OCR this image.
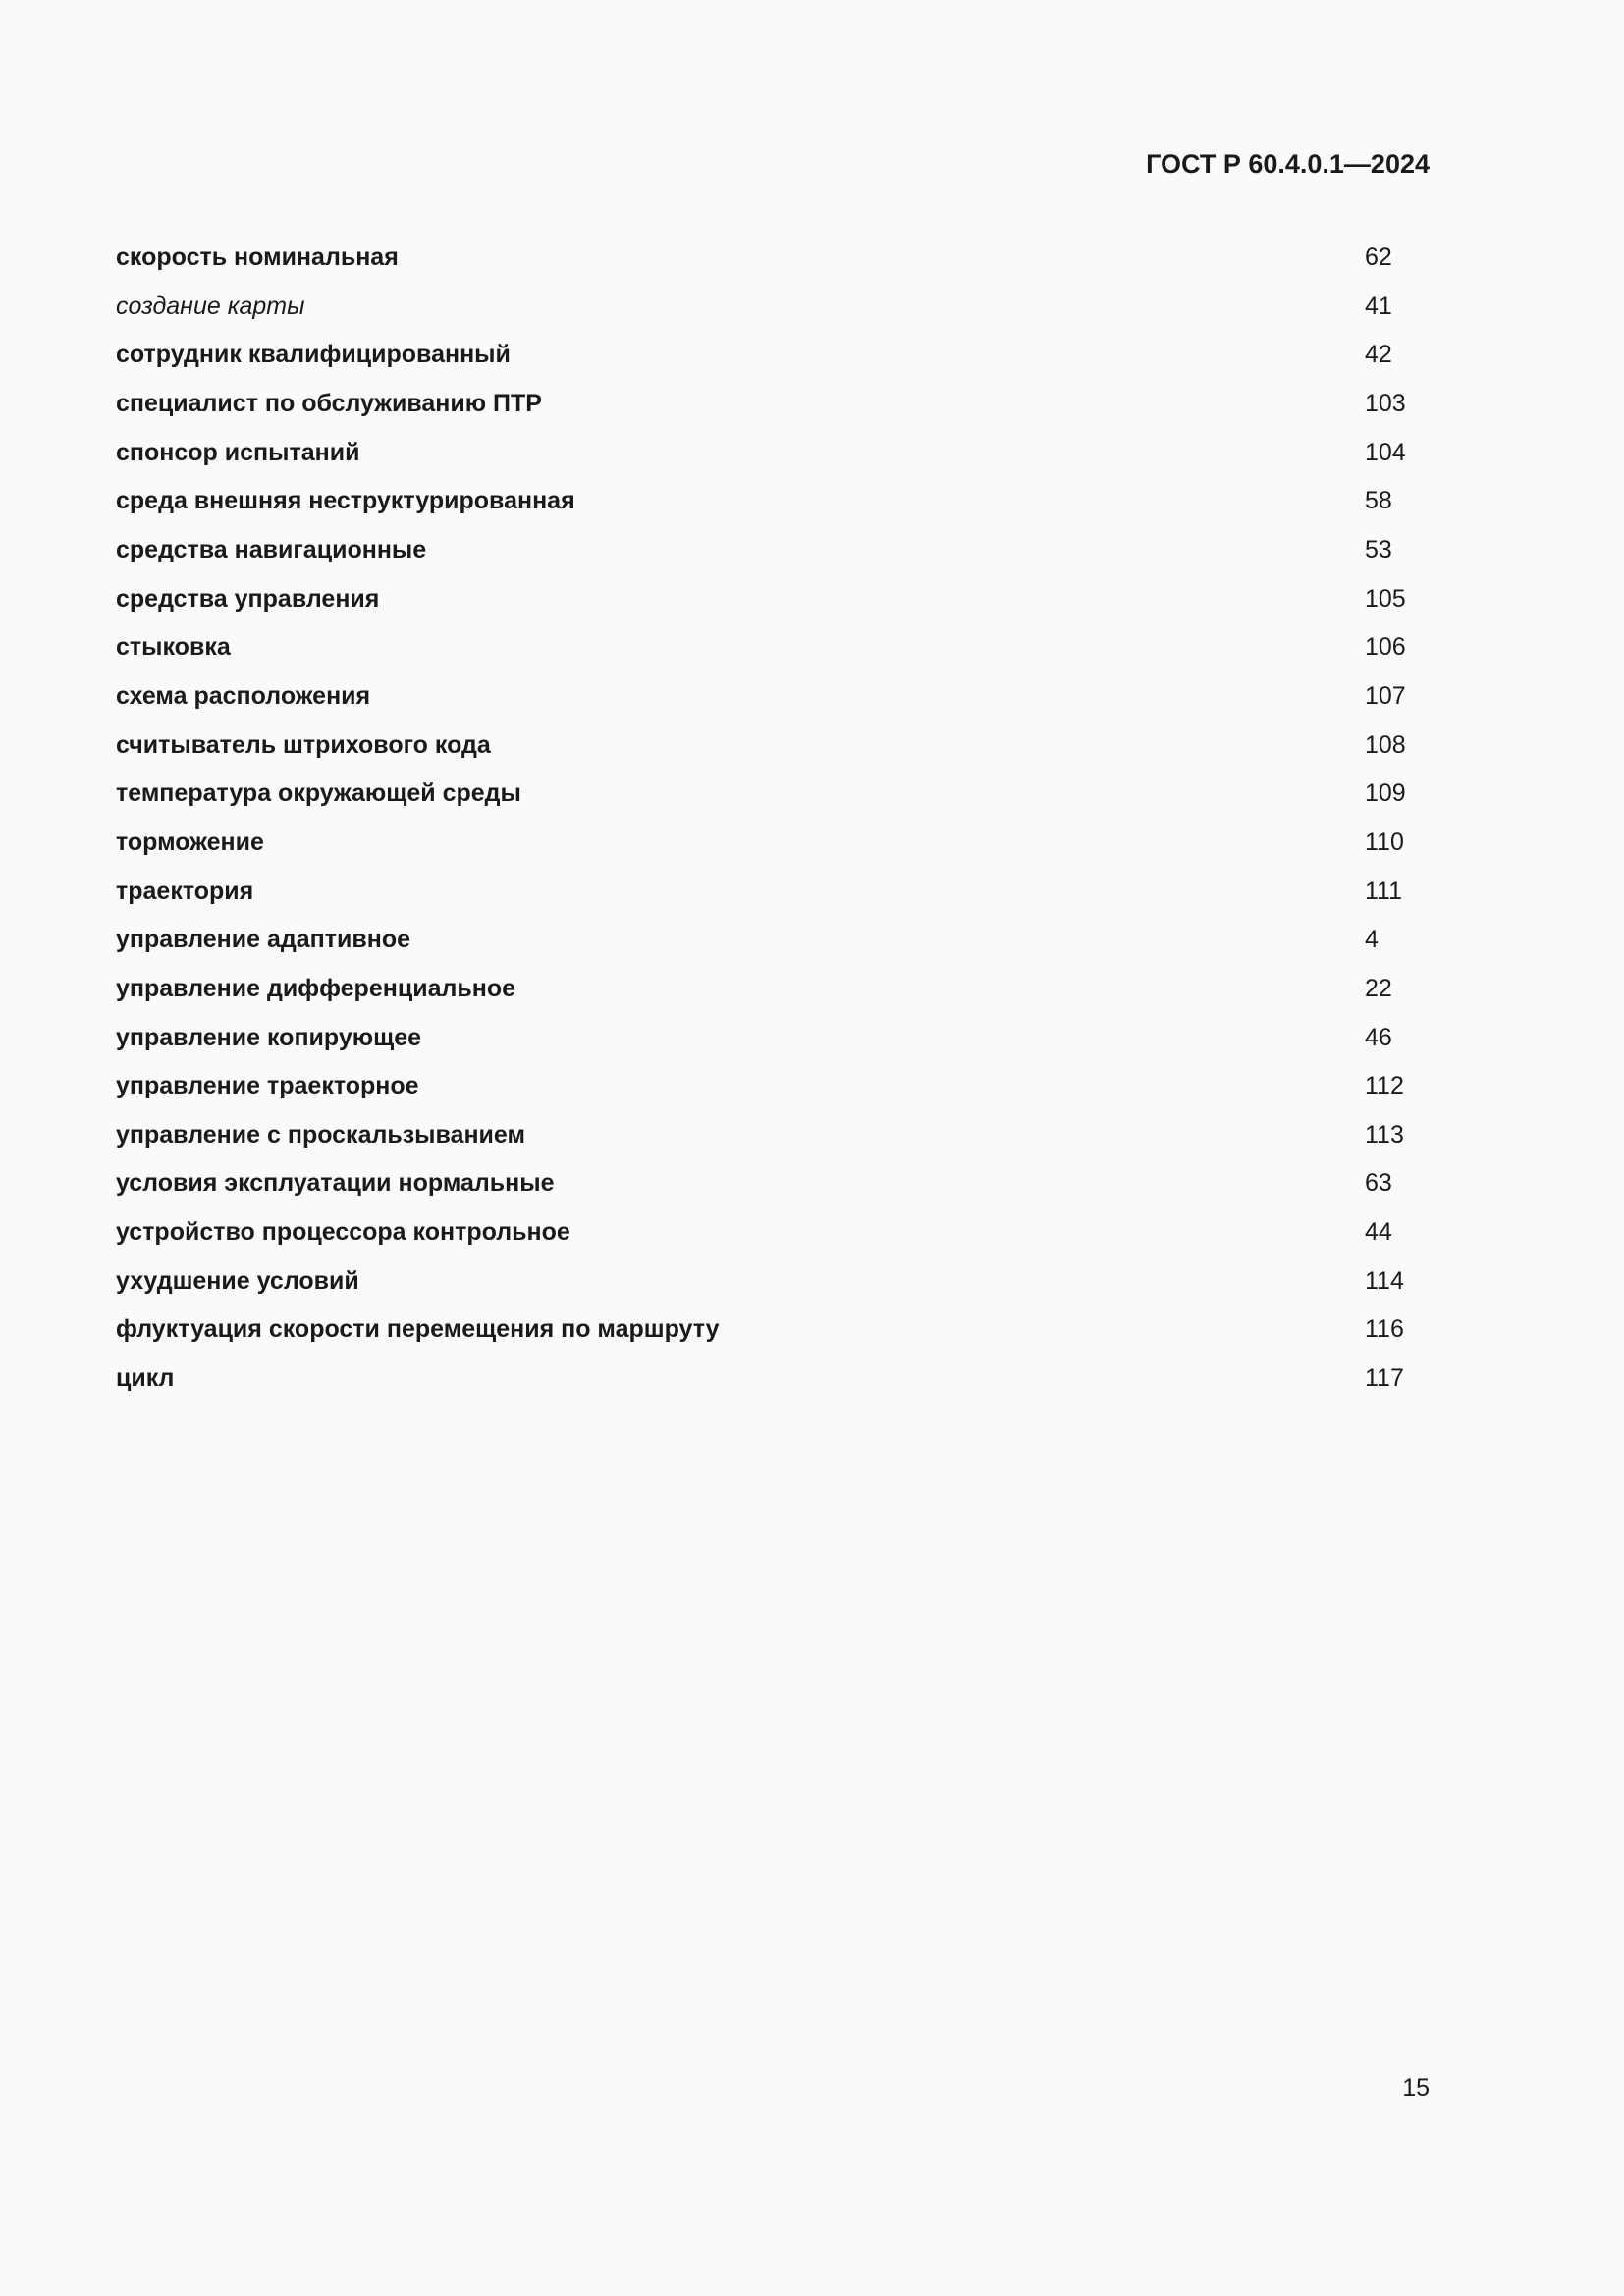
ГОСТ Р 60.4.0.1—2024
скорость номинальная	62
создание карты	41
сотрудник квалифицированный	42
специалист по обслуживанию ПТР	103
спонсор испытаний	104
среда внешняя неструктурированная	58
средства навигационные	53
средства управления	105
стыковка	106
схема расположения	107
считыватель штрихового кода	108
температура окружающей среды	109
торможение	110
траектория	111
управление адаптивное	4
управление дифференциальное	22
управление копирующее	46
управление траекторное	112
управление с проскальзыванием	113
условия эксплуатации нормальные	63
устройство процессора контрольное	44
ухудшение условий	114
флуктуация скорости перемещения по маршруту	116
цикл	117
15
